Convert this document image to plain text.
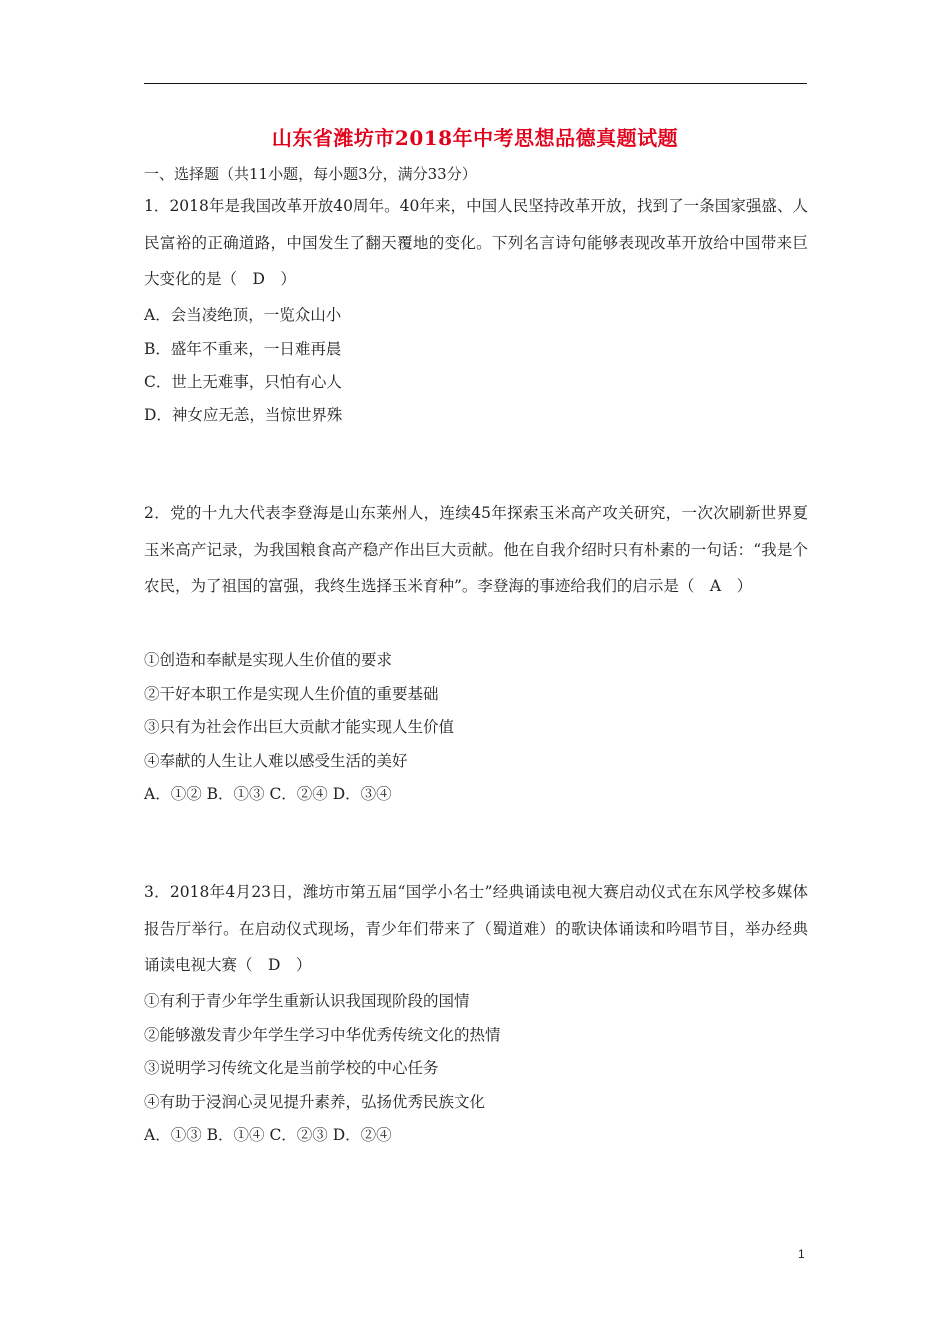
山东省潍坊市2018年中考思想品德真题试题
一、选择题（共11小题，每小题3分，满分33分）
1．2018年是我国改革开放40周年。40年来，中国人民坚持改革开放，找到了一条国家强盛、人民富裕的正确道路，中国发生了翻天覆地的变化。下列名言诗句能够表现改革开放给中国带来巨大变化的是（　D　）
A．会当凌绝顶，一览众山小
B．盛年不重来，一日难再晨
C．世上无难事，只怕有心人
D．神女应无恙，当惊世界殊
2．党的十九大代表李登海是山东莱州人，连续45年探索玉米高产攻关研究，一次次刷新世界夏玉米高产记录，为我国粮食高产稳产作出巨大贡献。他在自我介绍时只有朴素的一句话：“我是个农民，为了祖国的富强，我终生选择玉米育种”。李登海的事迹给我们的启示是（　A　）
①创造和奉献是实现人生价值的要求
②干好本职工作是实现人生价值的重要基础
③只有为社会作出巨大贡献才能实现人生价值
④奉献的人生让人难以感受生活的美好
A．①② B．①③ C．②④ D．③④
3．2018年4月23日，潍坊市第五届“国学小名士”经典诵读电视大赛启动仪式在东风学校多媒体报告厅举行。在启动仪式现场，青少年们带来了（蜀道难）的歌诀体诵读和吟唱节目，举办经典诵读电视大赛（　D　）
①有利于青少年学生重新认识我国现阶段的国情
②能够激发青少年学生学习中华优秀传统文化的热情
③说明学习传统文化是当前学校的中心任务
④有助于浸润心灵见提升素养，弘扬优秀民族文化
A．①③ B．①④ C．②③ D．②④
1
